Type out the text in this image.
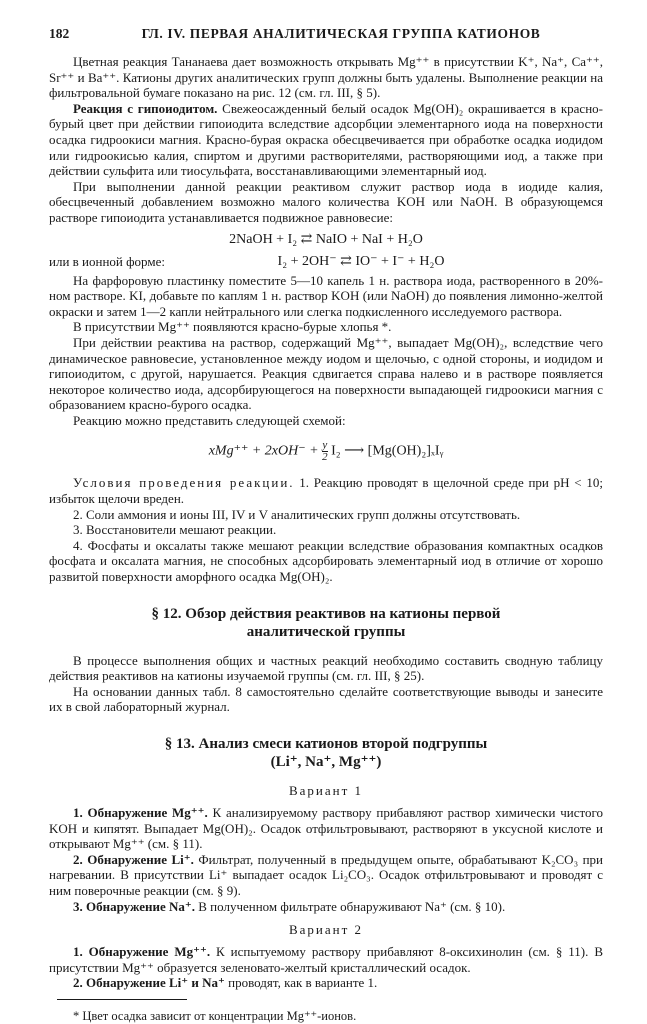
182	ГЛ. IV. ПЕРВАЯ АНАЛИТИЧЕСКАЯ ГРУППА КАТИОНОВ

Цветная реакция Тананаева дает возможность открывать Mg⁺⁺ в присутствии K⁺, Na⁺, Ca⁺⁺, Sr⁺⁺ и Ba⁺⁺. Катионы других аналитических групп должны быть удалены. Выполнение реакции на фильтровальной бумаге показано на рис. 12 (см. гл. III, § 5).

Реакция с гипоиодитом. Свежеосажденный белый осадок Mg(OH)₂ окрашивается в красно-бурый цвет при действии гипоиодита вследствие адсорбции элементарного иода на поверхности осадка гидроокиси магния. Красно-бурая окраска обесцвечивается при обработке осадка иодидом или гидроокисью калия, спиртом и другими растворителями, растворяющими иод, а также при действии сульфита или тиосульфата, восстанавливающими элементарный иод.

При выполнении данной реакции реактивом служит раствор иода в иодиде калия, обесцвеченный добавлением возможно малого количества KOH или NaOH. В образующемся растворе гипоиодита устанавливается подвижное равновесие:

2NaOH + I₂ ⇄ NaIO + NaI + H₂O
или в ионной форме:	I₂ + 2OH⁻ ⇄ IO⁻ + I⁻ + H₂O

На фарфоровую пластинку поместите 5—10 капель 1 н. раствора иода, растворенного в 20%-ном растворе. KI, добавьте по каплям 1 н. раствор KOH (или NaOH) до появления лимонно-желтой окраски и затем 1—2 капли нейтрального или слегка подкисленного исследуемого раствора.

В присутствии Mg⁺⁺ появляются красно-бурые хлопья *.

При действии реактива на раствор, содержащий Mg⁺⁺, выпадает Mg(OH)₂, вследствие чего динамическое равновесие, установленное между иодом и щелочью, с одной стороны, и иодидом и гипоиодитом, с другой, нарушается. Реакция сдвигается справа налево и в растворе появляется некоторое количество иода, адсорбирующегося на поверхности выпадающей гидроокиси магния с образованием красно-бурого осадка.

Реакцию можно представить следующей схемой:

$xMg^{++} + 2xOH^- + \frac{y}{2} I_2$ ⟶ [Mg(OH)₂]ₓIᵧ

Условия проведения реакции. 1. Реакцию проводят в щелочной среде при pH < 10; избыток щелочи вреден.

2. Соли аммония и ионы III, IV и V аналитических групп должны отсутствовать.

3. Восстановители мешают реакции.

4. Фосфаты и оксалаты также мешают реакции вследствие образования компактных осадков фосфата и оксалата магния, не способных адсорбировать элементарный иод в отличие от хорошо развитой поверхности аморфного осадка Mg(OH)₂.

§ 12. Обзор действия реактивов на катионы первой аналитической группы

В процессе выполнения общих и частных реакций необходимо составить сводную таблицу действия реактивов на катионы изучаемой группы (см. гл. III, § 25).

На основании данных табл. 8 самостоятельно сделайте соответствующие выводы и занесите их в свой лабораторный журнал.

§ 13. Анализ смеси катионов второй подгруппы
(Li⁺, Na⁺, Mg⁺⁺)
Вариант 1

1. Обнаружение Mg⁺⁺. К анализируемому раствору прибавляют раствор химически чистого KOH и кипятят. Выпадает Mg(OH)₂. Осадок отфильтровывают, растворяют в уксусной кислоте и открывают Mg⁺⁺ (см. § 11).

2. Обнаружение Li⁺. Фильтрат, полученный в предыдущем опыте, обрабатывают K₂CO₃ при нагревании. В присутствии Li⁺ выпадает осадок Li₂CO₃. Осадок отфильтровывают и проводят с ним поверочные реакции (см. § 9).

3. Обнаружение Na⁺. В полученном фильтрате обнаруживают Na⁺ (см. § 10).

Вариант 2

1. Обнаружение Mg⁺⁺. К испытуемому раствору прибавляют 8-оксихинолин (см. § 11). В присутствии Mg⁺⁺ образуется зеленовато-желтый кристаллический осадок.

2. Обнаружение Li⁺ и Na⁺ проводят, как в варианте 1.

* Цвет осадка зависит от концентрации Mg⁺⁺-ионов.
